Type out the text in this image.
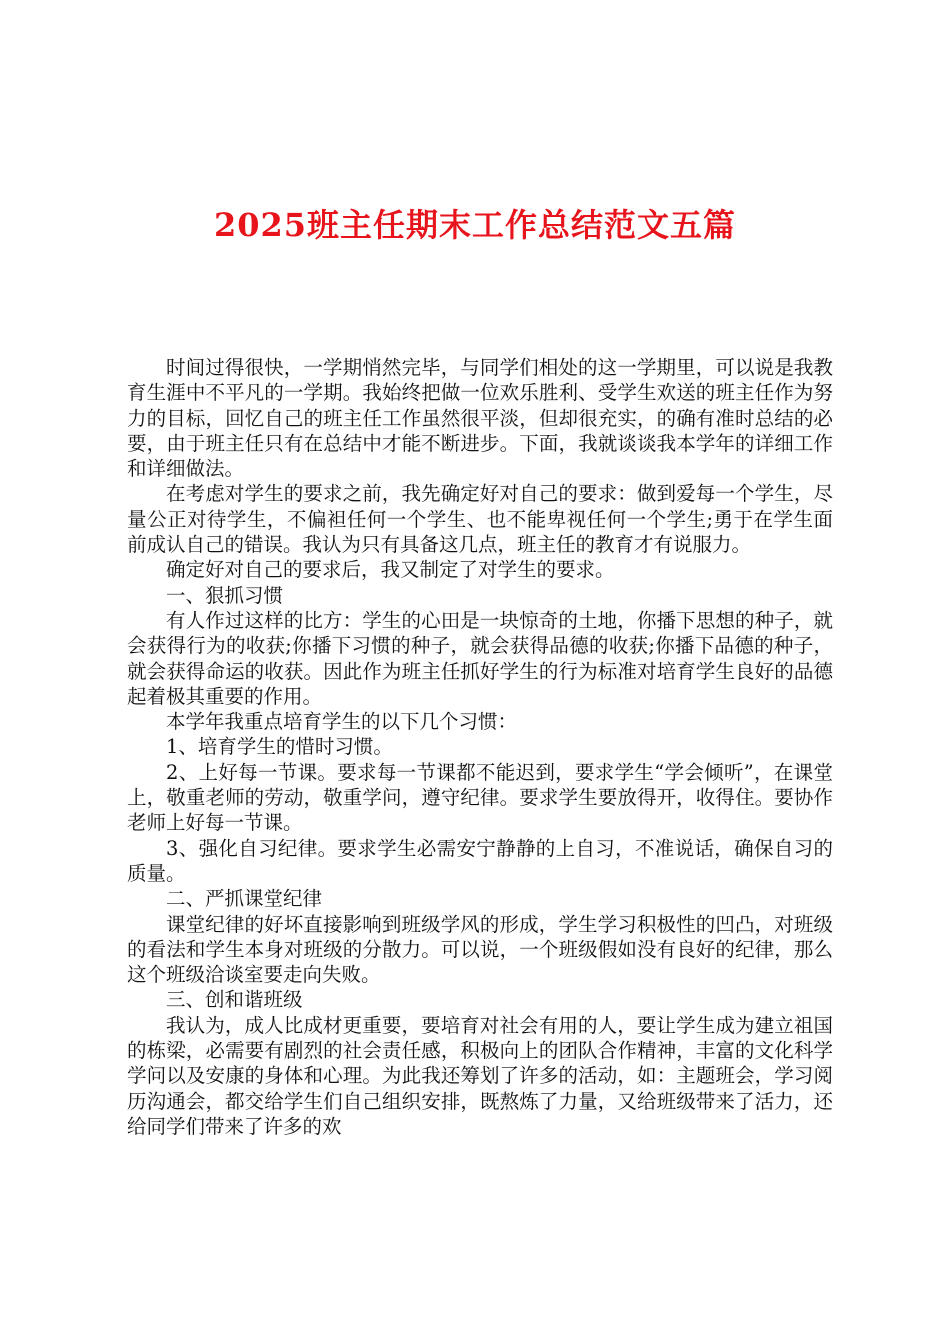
2025班主任期末工作总结范文五篇

时间过得很快，一学期悄然完毕，与同学们相处的这一学期里，可以说是我教育生涯中不平凡的一学期。我始终把做一位欢乐胜利、受学生欢送的班主任作为努力的目标，回忆自己的班主任工作虽然很平淡，但却很充实，的确有准时总结的必要，由于班主任只有在总结中才能不断进步。下面，我就谈谈我本学年的详细工作和详细做法。

在考虑对学生的要求之前，我先确定好对自己的要求：做到爱每一个学生，尽量公正对待学生，不偏袒任何一个学生、也不能卑视任何一个学生;勇于在学生面前成认自己的错误。我认为只有具备这几点，班主任的教育才有说服力。

确定好对自己的要求后，我又制定了对学生的要求。

一、狠抓习惯

有人作过这样的比方：学生的心田是一块惊奇的土地，你播下思想的种子，就会获得行为的收获;你播下习惯的种子，就会获得品德的收获;你播下品德的种子，就会获得命运的收获。因此作为班主任抓好学生的行为标准对培育学生良好的品德起着极其重要的作用。

本学年我重点培育学生的以下几个习惯：

1、培育学生的惜时习惯。

2、上好每一节课。要求每一节课都不能迟到，要求学生“学会倾听”，在课堂上，敬重老师的劳动，敬重学问，遵守纪律。要求学生要放得开，收得住。要协作老师上好每一节课。

3、强化自习纪律。要求学生必需安宁静静的上自习，不准说话，确保自习的质量。

二、严抓课堂纪律

课堂纪律的好坏直接影响到班级学风的形成，学生学习积极性的凹凸，对班级的看法和学生本身对班级的分散力。可以说，一个班级假如没有良好的纪律，那么这个班级洽谈室要走向失败。

三、创和谐班级

我认为，成人比成材更重要，要培育对社会有用的人，要让学生成为建立祖国的栋梁，必需要有剧烈的社会责任感，积极向上的团队合作精神，丰富的文化科学学问以及安康的身体和心理。为此我还筹划了许多的活动，如：主题班会，学习阅历沟通会，都交给学生们自己组织安排，既熬炼了力量，又给班级带来了活力，还给同学们带来了许多的欢
